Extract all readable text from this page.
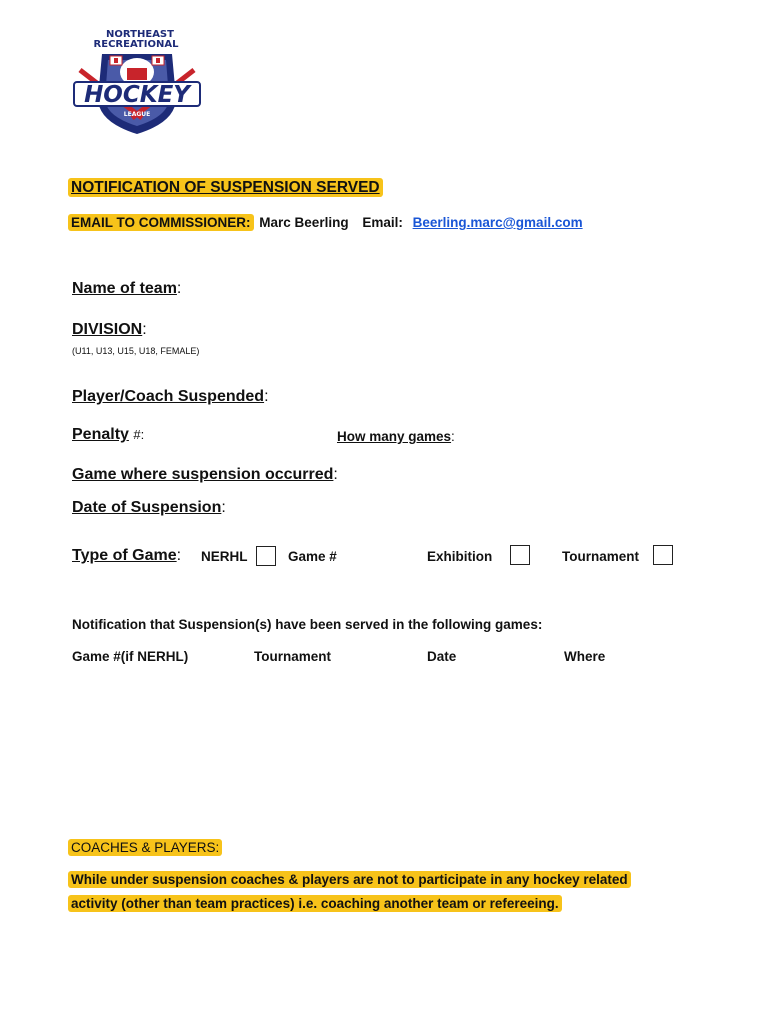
HOCKEY
LEAGUE
NORTHEAST
RECREATIONAL
NOTIFICATION OF SUSPENSION SERVED
EMAIL TO COMMISSIONER: Marc Beerling Email: Beerling.marc@gmail.com
Name of team:
DIVISION:
(U11, U13, U15, U18, FEMALE)
Player/Coach Suspended:
Penalty #:	How many games:
Game where suspension occurred:
Date of Suspension:
Type of Game: NERHL	Game #	Exhibition	Tournament
Notification that Suspension(s) have been served in the following games:
Game #(if NERHL)	Tournament	Date	Where
COACHES & PLAYERS:
While under suspension coaches & players are not to participate in any hockey related
activity (other than team practices) i.e. coaching another team or refereeing.
